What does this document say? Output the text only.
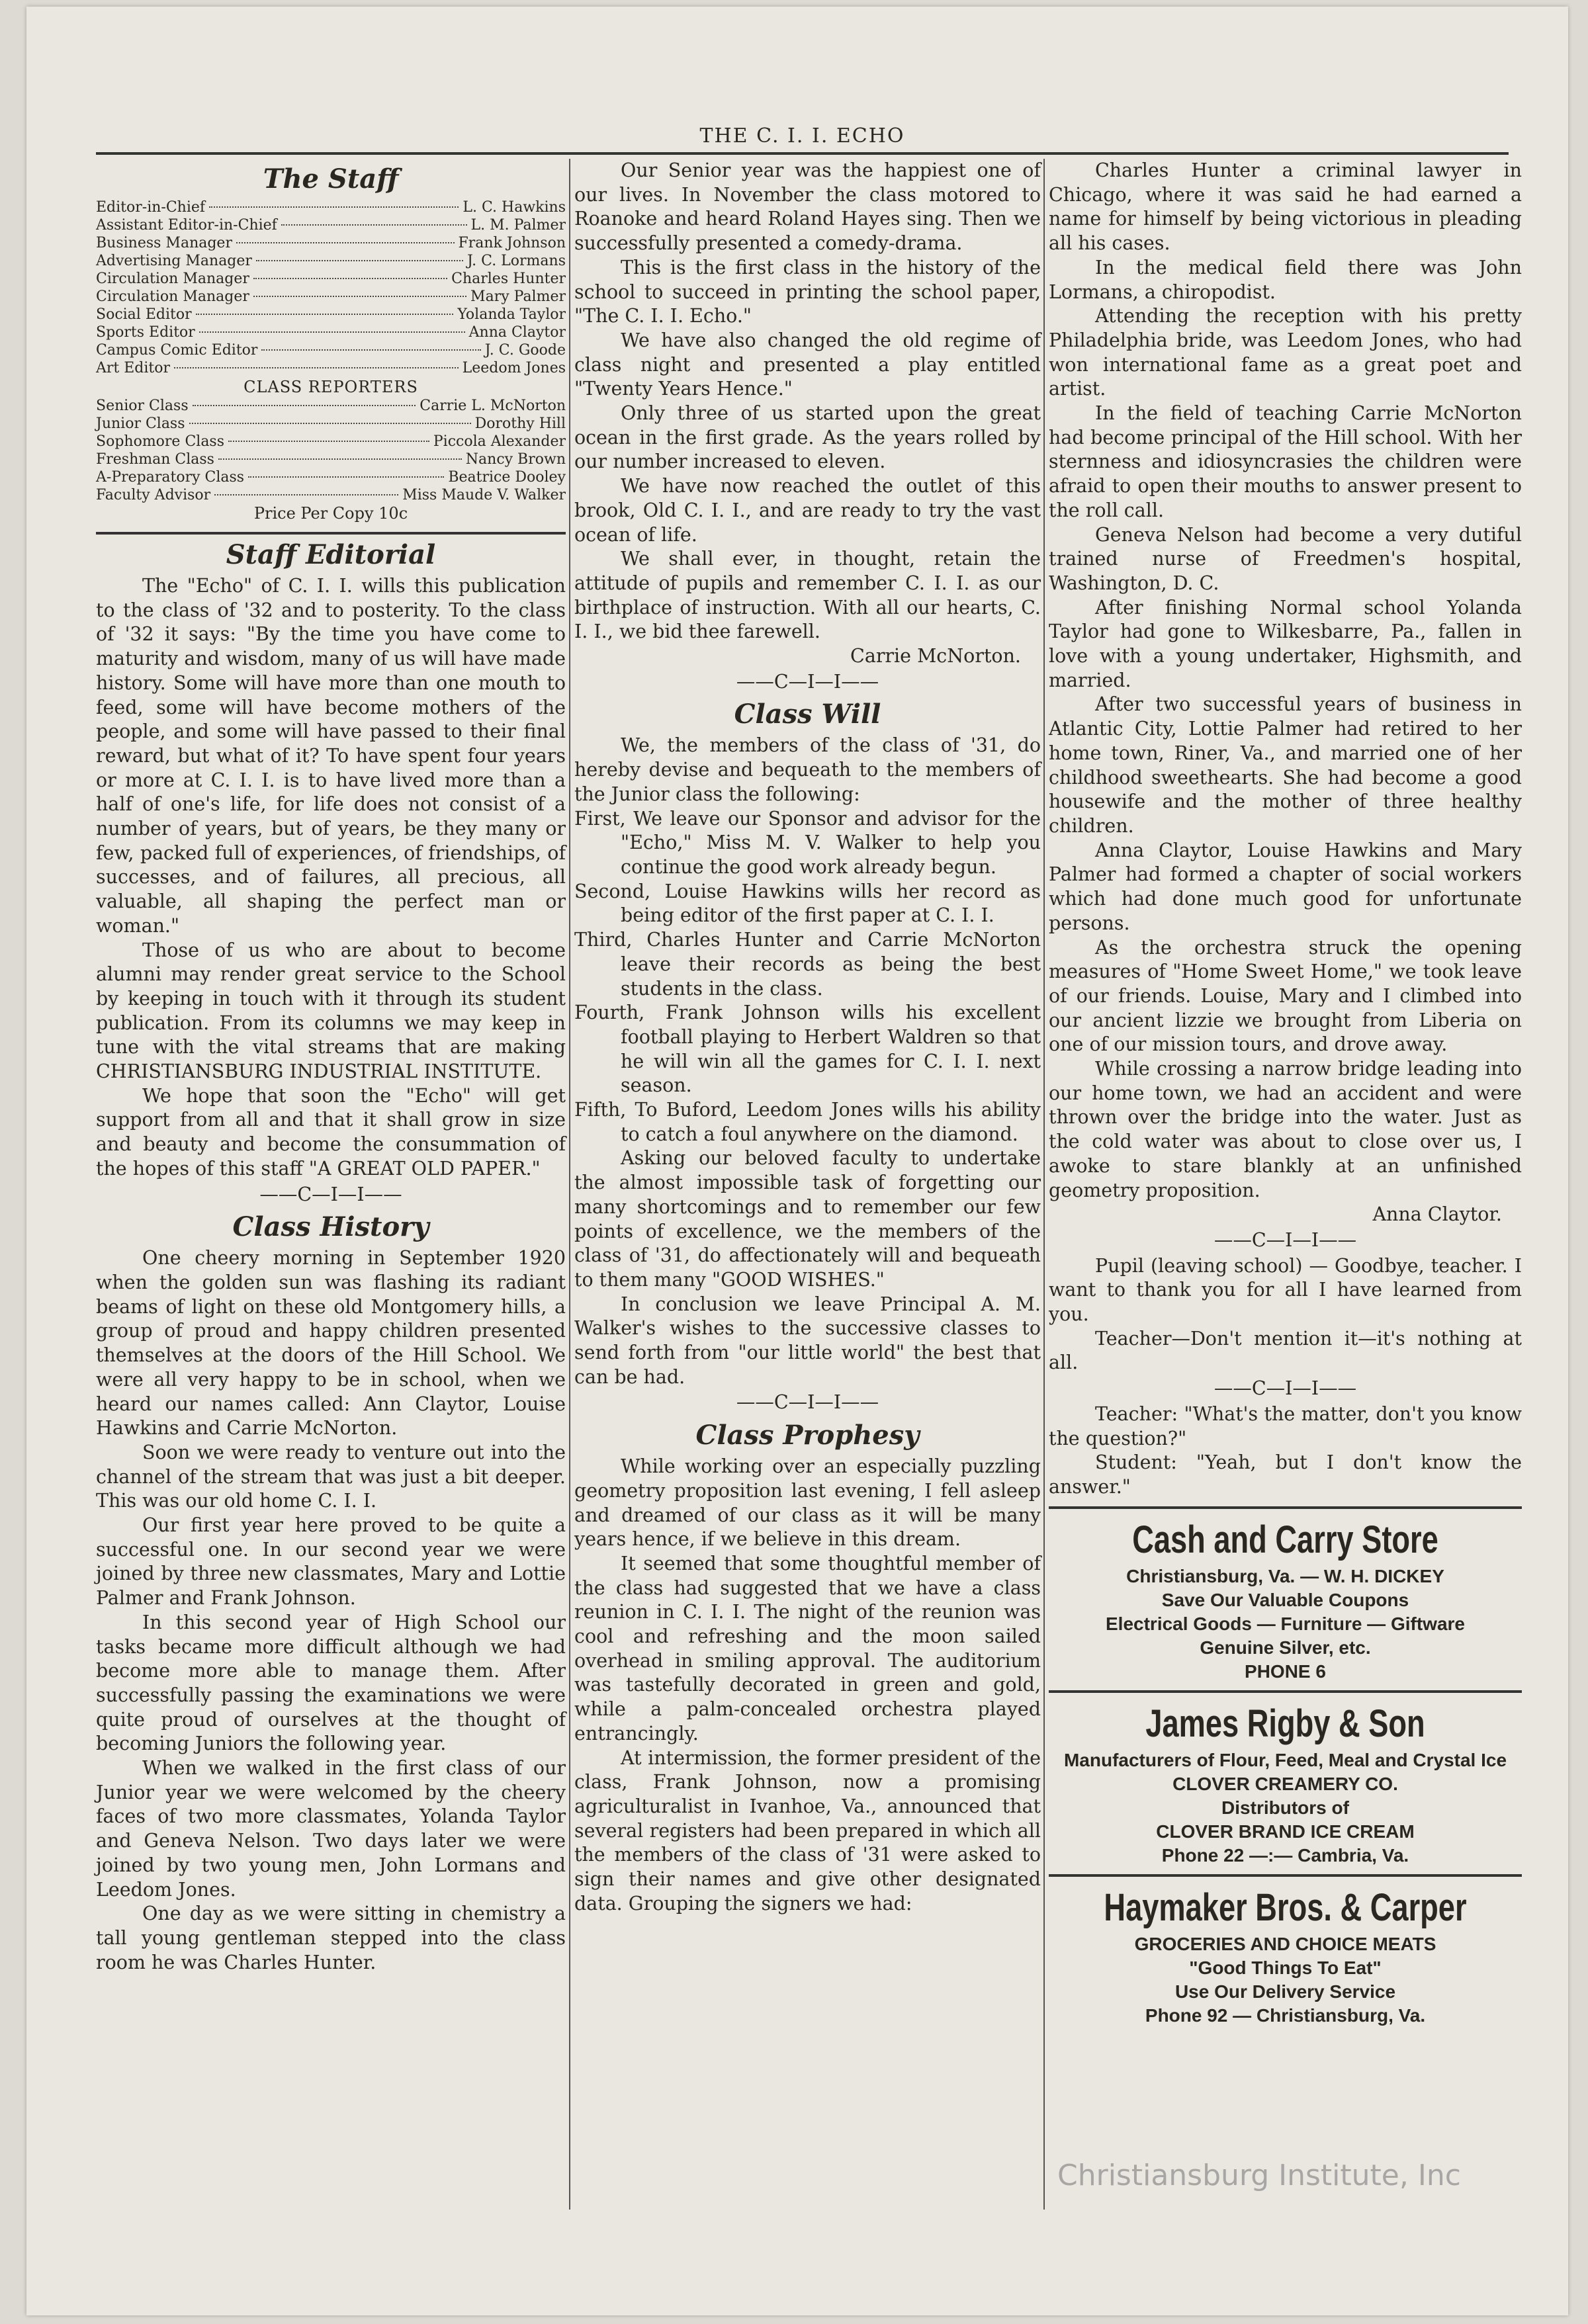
THE C. I. I. ECHO
The Staff
Editor-in-Chief	L. C. Hawkins
Assistant Editor-in-Chief	L. M. Palmer
Business Manager	Frank Johnson
Advertising Manager	J. C. Lormans
Circulation Manager	Charles Hunter
Circulation Manager	Mary Palmer
Social Editor	Yolanda Taylor
Sports Editor	Anna Claytor
Campus Comic Editor	J. C. Goode
Art Editor	Leedom Jones
CLASS REPORTERS
Senior Class	Carrie L. McNorton
Junior Class	Dorothy Hill
Sophomore Class	Piccola Alexander
Freshman Class	Nancy Brown
A-Preparatory Class	Beatrice Dooley
Faculty Advisor	Miss Maude V. Walker
Price Per Copy 10c
Staff Editorial

The "Echo" of C. I. I. wills this publication to the class of '32 and to posterity. To the class of '32 it says: "By the time you have come to maturity and wisdom, many of us will have made history. Some will have more than one mouth to feed, some will have become mothers of the people, and some will have passed to their final reward, but what of it? To have spent four years or more at C. I. I. is to have lived more than a half of one's life, for life does not consist of a number of years, but of years, be they many or few, packed full of experiences, of friendships, of successes, and of failures, all precious, all valuable, all shaping the perfect man or woman."

Those of us who are about to become alumni may render great service to the School by keeping in touch with it through its student publication. From its columns we may keep in tune with the vital streams that are making CHRISTIANSBURG INDUSTRIAL INSTITUTE.

We hope that soon the "Echo" will get support from all and that it shall grow in size and beauty and become the consummation of the hopes of this staff "A GREAT OLD PAPER."

——C—I—I——
Class History

One cheery morning in September 1920 when the golden sun was flashing its radiant beams of light on these old Montgomery hills, a group of proud and happy children presented themselves at the doors of the Hill School. We were all very happy to be in school, when we heard our names called: Ann Claytor, Louise Hawkins and Carrie McNorton.

Soon we were ready to venture out into the channel of the stream that was just a bit deeper. This was our old home C. I. I.

Our first year here proved to be quite a successful one. In our second year we were joined by three new classmates, Mary and Lottie Palmer and Frank Johnson.

In this second year of High School our tasks became more difficult although we had become more able to manage them. After successfully passing the examinations we were quite proud of ourselves at the thought of becoming Juniors the following year.

When we walked in the first class of our Junior year we were welcomed by the cheery faces of two more classmates, Yolanda Taylor and Geneva Nelson. Two days later we were joined by two young men, John Lormans and Leedom Jones.

One day as we were sitting in chemistry a tall young gentleman stepped into the class room he was Charles Hunter.

Our Senior year was the happiest one of our lives. In November the class motored to Roanoke and heard Roland Hayes sing. Then we successfully presented a comedy-drama.

This is the first class in the history of the school to succeed in printing the school paper, "The C. I. I. Echo."

We have also changed the old regime of class night and presented a play entitled "Twenty Years Hence."

Only three of us started upon the great ocean in the first grade. As the years rolled by our number increased to eleven.

We have now reached the outlet of this brook, Old C. I. I., and are ready to try the vast ocean of life.

We shall ever, in thought, retain the attitude of pupils and remember C. I. I. as our birthplace of instruction. With all our hearts, C. I. I., we bid thee farewell.

Carrie McNorton.
——C—I—I——
Class Will

We, the members of the class of '31, do hereby devise and bequeath to the members of the Junior class the following:

First, We leave our Sponsor and advisor for the "Echo," Miss M. V. Walker to help you continue the good work already begun.
Second, Louise Hawkins wills her record as being editor of the first paper at C. I. I.
Third, Charles Hunter and Carrie McNorton leave their records as being the best students in the class.
Fourth, Frank Johnson wills his excellent football playing to Herbert Waldren so that he will win all the games for C. I. I. next season.
Fifth, To Buford, Leedom Jones wills his ability to catch a foul anywhere on the diamond.

Asking our beloved faculty to undertake the almost impossible task of forgetting our many shortcomings and to remember our few points of excellence, we the members of the class of '31, do affectionately will and bequeath to them many "GOOD WISHES."

In conclusion we leave Principal A. M. Walker's wishes to the successive classes to send forth from "our little world" the best that can be had.

——C—I—I——
Class Prophesy

While working over an especially puzzling geometry proposition last evening, I fell asleep and dreamed of our class as it will be many years hence, if we believe in this dream.

It seemed that some thoughtful member of the class had suggested that we have a class reunion in C. I. I. The night of the reunion was cool and refreshing and the moon sailed overhead in smiling approval. The auditorium was tastefully decorated in green and gold, while a palm-concealed orchestra played entrancingly.

At intermission, the former president of the class, Frank Johnson, now a promising agriculturalist in Ivanhoe, Va., announced that several registers had been prepared in which all the members of the class of '31 were asked to sign their names and give other designated data. Grouping the signers we had:

Charles Hunter a criminal lawyer in Chicago, where it was said he had earned a name for himself by being victorious in pleading all his cases.

In the medical field there was John Lormans, a chiropodist.

Attending the reception with his pretty Philadelphia bride, was Leedom Jones, who had won international fame as a great poet and artist.

In the field of teaching Carrie McNorton had become principal of the Hill school. With her sternness and idiosyncrasies the children were afraid to open their mouths to answer present to the roll call.

Geneva Nelson had become a very dutiful trained nurse of Freedmen's hospital, Washington, D. C.

After finishing Normal school Yolanda Taylor had gone to Wilkesbarre, Pa., fallen in love with a young undertaker, Highsmith, and married.

After two successful years of business in Atlantic City, Lottie Palmer had retired to her home town, Riner, Va., and married one of her childhood sweethearts. She had become a good housewife and the mother of three healthy children.

Anna Claytor, Louise Hawkins and Mary Palmer had formed a chapter of social workers which had done much good for unfortunate persons.

As the orchestra struck the opening measures of "Home Sweet Home," we took leave of our friends. Louise, Mary and I climbed into our ancient lizzie we brought from Liberia on one of our mission tours, and drove away.

While crossing a narrow bridge leading into our home town, we had an accident and were thrown over the bridge into the water. Just as the cold water was about to close over us, I awoke to stare blankly at an unfinished geometry proposition.

Anna Claytor.
——C—I—I——

Pupil (leaving school) — Goodbye, teacher. I want to thank you for all I have learned from you.

Teacher—Don't mention it—it's nothing at all.

——C—I—I——

Teacher: "What's the matter, don't you know the question?"

Student: "Yeah, but I don't know the answer."

Cash and Carry Store
Christiansburg, Va. — W. H. DICKEY
Save Our Valuable Coupons
Electrical Goods — Furniture — Giftware
Genuine Silver, etc.
PHONE 6
James Rigby & Son
Manufacturers of Flour, Feed, Meal and Crystal Ice
CLOVER CREAMERY CO.
Distributors of
CLOVER BRAND ICE CREAM
Phone 22 —:— Cambria, Va.
Haymaker Bros. & Carper
GROCERIES AND CHOICE MEATS
"Good Things To Eat"
Use Our Delivery Service
Phone 92 — Christiansburg, Va.
Christiansburg Institute, Inc
